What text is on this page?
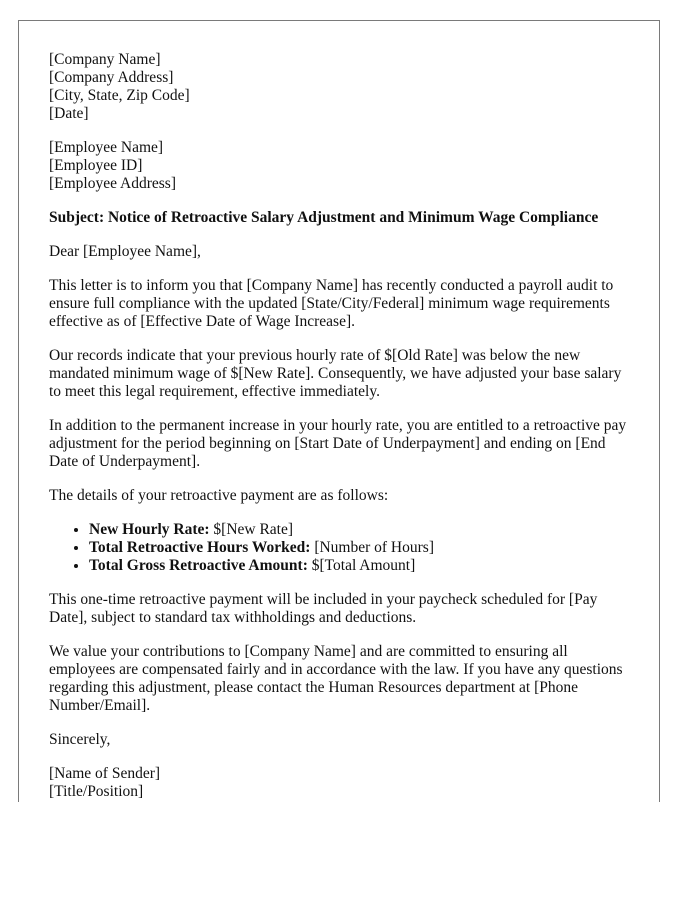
[Company Name]
[Company Address]
[City, State, Zip Code]
[Date]
[Employee Name]
[Employee ID]
[Employee Address]
Subject: Notice of Retroactive Salary Adjustment and Minimum Wage Compliance

Dear [Employee Name],

This letter is to inform you that [Company Name] has recently conducted a payroll audit to ensure full compliance with the updated [State/City/Federal] minimum wage requirements effective as of [Effective Date of Wage Increase].

Our records indicate that your previous hourly rate of $[Old Rate] was below the new mandated minimum wage of $[New Rate]. Consequently, we have adjusted your base salary to meet this legal requirement, effective immediately.

In addition to the permanent increase in your hourly rate, you are entitled to a retroactive pay adjustment for the period beginning on [Start Date of Underpayment] and ending on [End Date of Underpayment].

The details of your retroactive payment are as follows:

• New Hourly Rate: $[New Rate]
• Total Retroactive Hours Worked: [Number of Hours]
• Total Gross Retroactive Amount: $[Total Amount]

This one-time retroactive payment will be included in your paycheck scheduled for [Pay Date], subject to standard tax withholdings and deductions.

We value your contributions to [Company Name] and are committed to ensuring all employees are compensated fairly and in accordance with the law. If you have any questions regarding this adjustment, please contact the Human Resources department at [Phone Number/Email].

Sincerely,

[Name of Sender]
[Title/Position]
